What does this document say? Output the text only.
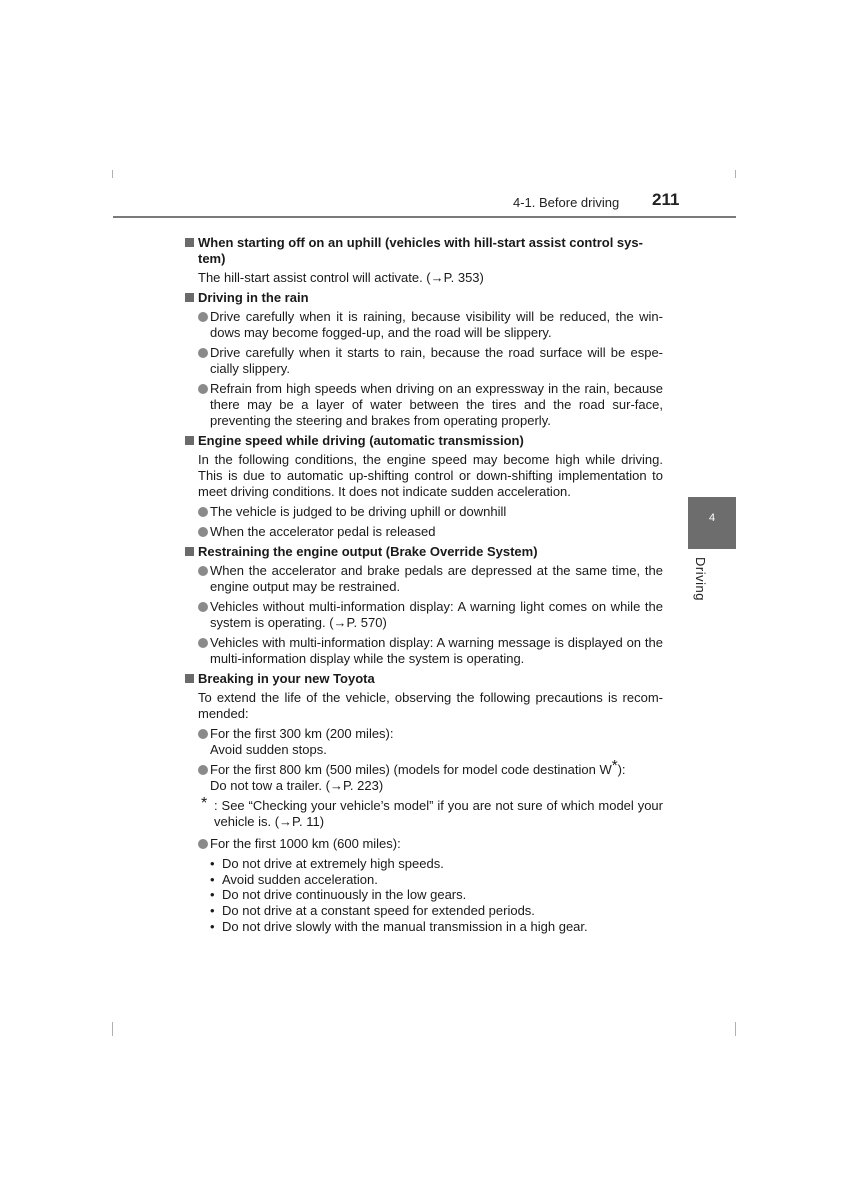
4-1. Before driving 211
4
Driving
When starting off on an uphill (vehicles with hill-start assist control sys-tem)
The hill-start assist control will activate. (→P. 353)
Driving in the rain
Drive carefully when it is raining, because visibility will be reduced, the win-dows may become fogged-up, and the road will be slippery.
Drive carefully when it starts to rain, because the road surface will be espe-cially slippery.
Refrain from high speeds when driving on an expressway in the rain, because there may be a layer of water between the tires and the road sur-face, preventing the steering and brakes from operating properly.
Engine speed while driving (automatic transmission)
In the following conditions, the engine speed may become high while driving. This is due to automatic up-shifting control or down-shifting implementation to meet driving conditions. It does not indicate sudden acceleration.
The vehicle is judged to be driving uphill or downhill
When the accelerator pedal is released
Restraining the engine output (Brake Override System)
When the accelerator and brake pedals are depressed at the same time, the engine output may be restrained.
Vehicles without multi-information display: A warning light comes on while the system is operating. (→P. 570)
Vehicles with multi-information display: A warning message is displayed on the multi-information display while the system is operating.
Breaking in your new Toyota
To extend the life of the vehicle, observing the following precautions is recom-mended:
For the first 300 km (200 miles):
Avoid sudden stops.
For the first 800 km (500 miles) (models for model code destination W*):
Do not tow a trailer. (→P. 223)
* : See “Checking your vehicle’s model” if you are not sure of which model your vehicle is. (→P. 11)
For the first 1000 km (600 miles):
• Do not drive at extremely high speeds.
• Avoid sudden acceleration.
• Do not drive continuously in the low gears.
• Do not drive at a constant speed for extended periods.
• Do not drive slowly with the manual transmission in a high gear.
